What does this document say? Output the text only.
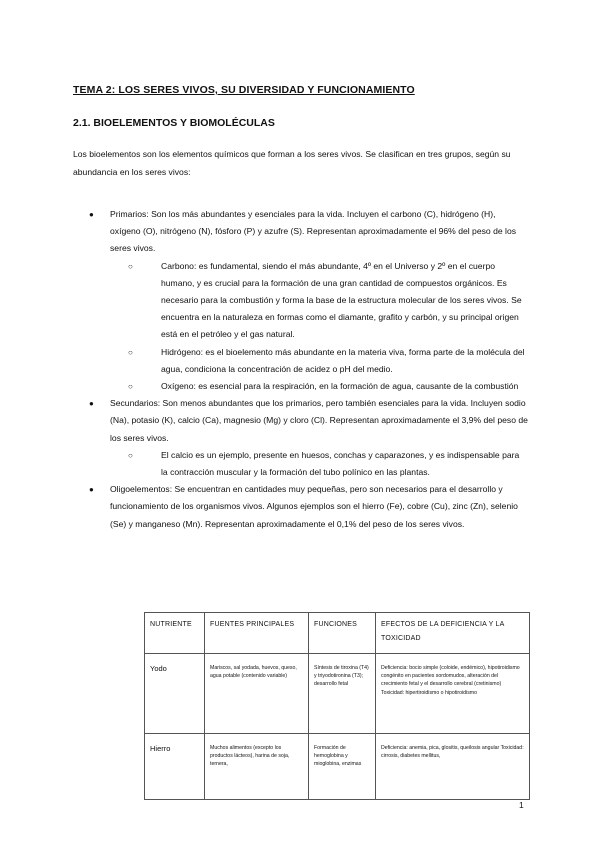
TEMA 2: LOS SERES VIVOS, SU DIVERSIDAD Y FUNCIONAMIENTO
2.1. BIOELEMENTOS Y BIOMOLÉCULAS
Los bioelementos son los elementos químicos que forman a los seres vivos. Se clasifican en tres grupos, según su abundancia en los seres vivos:
●	Primarios: Son los más abundantes y esenciales para la vida. Incluyen el carbono (C), hidrógeno (H), oxígeno (O), nitrógeno (N), fósforo (P) y azufre (S). Representan aproximadamente el 96% del peso de los seres vivos.
○	Carbono: es fundamental, siendo el más abundante, 4º en el Universo y 2º en el cuerpo humano, y es crucial para la formación de una gran cantidad de compuestos orgánicos. Es necesario para la combustión y forma la base de la estructura molecular de los seres vivos. Se encuentra en la naturaleza en formas como el diamante, grafito y carbón, y su principal origen está en el petróleo y el gas natural.
○	Hidrógeno: es el bioelemento más abundante en la materia viva, forma parte de la molécula del agua, condiciona la concentración de acidez o pH del medio.
○	Oxígeno: es esencial para la respiración, en la formación de agua, causante de la combustión
●	Secundarios: Son menos abundantes que los primarios, pero también esenciales para la vida. Incluyen sodio (Na), potasio (K), calcio (Ca), magnesio (Mg) y cloro (Cl). Representan aproximadamente el 3,9% del peso de los seres vivos.
○	El calcio es un ejemplo, presente en huesos, conchas y caparazones, y es indispensable para la contracción muscular y la formación del tubo polínico en las plantas.
●	Oligoelementos: Se encuentran en cantidades muy pequeñas, pero son necesarios para el desarrollo y funcionamiento de los organismos vivos. Algunos ejemplos son el hierro (Fe), cobre (Cu), zinc (Zn), selenio (Se) y manganeso (Mn). Representan aproximadamente el 0,1% del peso de los seres vivos.
NUTRIENTE	FUENTES PRINCIPALES	FUNCIONES	EFECTOS DE LA DEFICIENCIA Y LA TOXICIDAD
Yodo	Mariscos, sal yodada, huevos, queso, agua potable (contenido variable)	Síntesis de tiroxina (T4) y triyodotironina (T3); desarrollo fetal	Deficiencia: bocio simple (coloide, endémico), hipotiroidismo congénito en pacientes sordomudos, alteración del crecimiento fetal y el desarrollo cerebral (cretinismo) Toxicidad: hipertiroidismo o hipotiroidismo
Hierro	Muchos alimentos (excepto los productos lácteos), harina de soja, ternera,	Formación de hemoglobina y mioglobina, enzimas	Deficiencia: anemia, pica, glositis, queilosis angular Toxicidad: cirrosis, diabetes mellitus,
1
